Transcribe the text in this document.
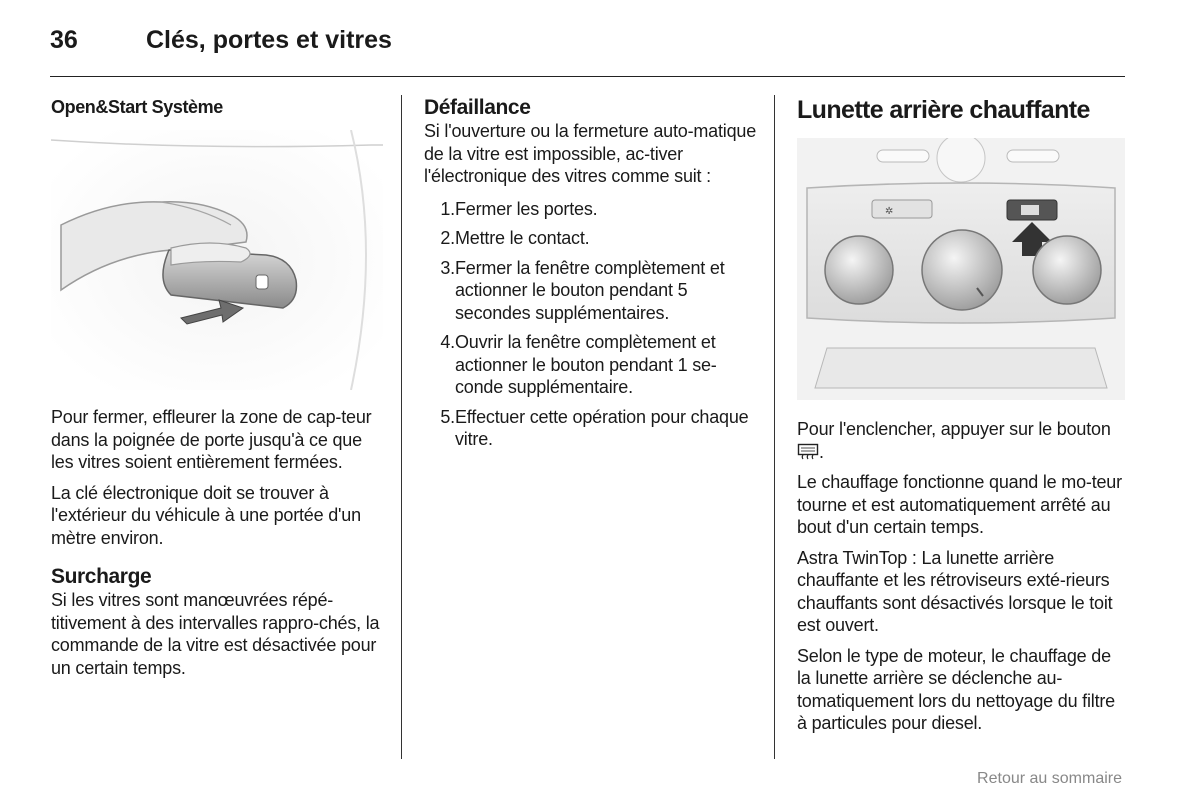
36	Clés, portes et vitres
Open&Start Système

Pour fermer, effleurer la zone de cap-teur dans la poignée de porte jusqu'à ce que les vitres soient entièrement fermées.

La clé électronique doit se trouver à l'extérieur du véhicule à une portée d'un mètre environ.

Surcharge

Si les vitres sont manœuvrées répé-titivement à des intervalles rappro-chés, la commande de la vitre est désactivée pour un certain temps.

Défaillance

Si l'ouverture ou la fermeture auto-matique de la vitre est impossible, ac-tiver l'électronique des vitres comme suit :

1. Fermer les portes.
2. Mettre le contact.
3. Fermer la fenêtre complètement et actionner le bouton pendant 5 secondes supplémentaires.
4. Ouvrir la fenêtre complètement et actionner le bouton pendant 1 se-conde supplémentaire.
5. Effectuer cette opération pour chaque vitre.
Lunette arrière chauffante
✲

Pour l'enclencher, appuyer sur le bouton .

Le chauffage fonctionne quand le mo-teur tourne et est automatiquement arrêté au bout d'un certain temps.

Astra TwinTop : La lunette arrière chauffante et les rétroviseurs exté-rieurs chauffants sont désactivés lorsque le toit est ouvert.

Selon le type de moteur, le chauffage de la lunette arrière se déclenche au-tomatiquement lors du nettoyage du filtre à particules pour diesel.

Retour au sommaire
